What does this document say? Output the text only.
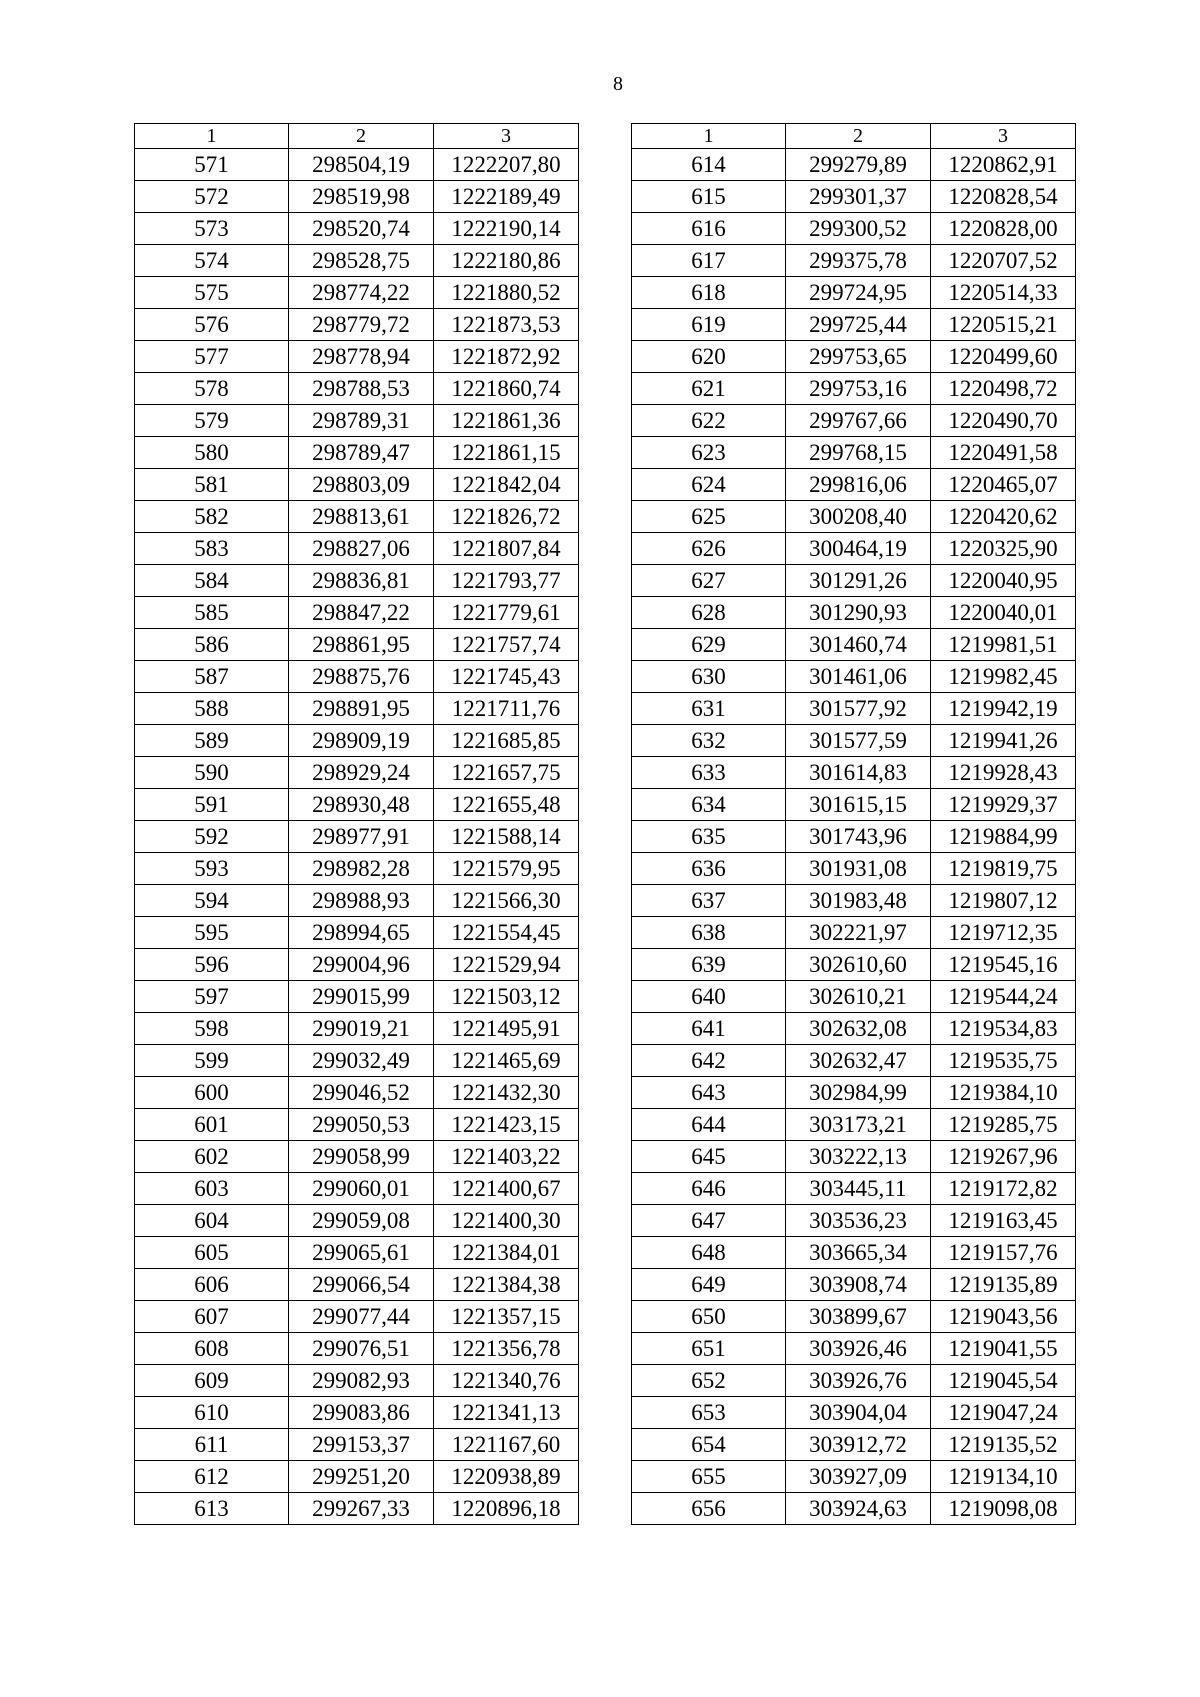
8
1	2	3
571	298504,19	1222207,80
572	298519,98	1222189,49
573	298520,74	1222190,14
574	298528,75	1222180,86
575	298774,22	1221880,52
576	298779,72	1221873,53
577	298778,94	1221872,92
578	298788,53	1221860,74
579	298789,31	1221861,36
580	298789,47	1221861,15
581	298803,09	1221842,04
582	298813,61	1221826,72
583	298827,06	1221807,84
584	298836,81	1221793,77
585	298847,22	1221779,61
586	298861,95	1221757,74
587	298875,76	1221745,43
588	298891,95	1221711,76
589	298909,19	1221685,85
590	298929,24	1221657,75
591	298930,48	1221655,48
592	298977,91	1221588,14
593	298982,28	1221579,95
594	298988,93	1221566,30
595	298994,65	1221554,45
596	299004,96	1221529,94
597	299015,99	1221503,12
598	299019,21	1221495,91
599	299032,49	1221465,69
600	299046,52	1221432,30
601	299050,53	1221423,15
602	299058,99	1221403,22
603	299060,01	1221400,67
604	299059,08	1221400,30
605	299065,61	1221384,01
606	299066,54	1221384,38
607	299077,44	1221357,15
608	299076,51	1221356,78
609	299082,93	1221340,76
610	299083,86	1221341,13
611	299153,37	1221167,60
612	299251,20	1220938,89
613	299267,33	1220896,18
1	2	3
614	299279,89	1220862,91
615	299301,37	1220828,54
616	299300,52	1220828,00
617	299375,78	1220707,52
618	299724,95	1220514,33
619	299725,44	1220515,21
620	299753,65	1220499,60
621	299753,16	1220498,72
622	299767,66	1220490,70
623	299768,15	1220491,58
624	299816,06	1220465,07
625	300208,40	1220420,62
626	300464,19	1220325,90
627	301291,26	1220040,95
628	301290,93	1220040,01
629	301460,74	1219981,51
630	301461,06	1219982,45
631	301577,92	1219942,19
632	301577,59	1219941,26
633	301614,83	1219928,43
634	301615,15	1219929,37
635	301743,96	1219884,99
636	301931,08	1219819,75
637	301983,48	1219807,12
638	302221,97	1219712,35
639	302610,60	1219545,16
640	302610,21	1219544,24
641	302632,08	1219534,83
642	302632,47	1219535,75
643	302984,99	1219384,10
644	303173,21	1219285,75
645	303222,13	1219267,96
646	303445,11	1219172,82
647	303536,23	1219163,45
648	303665,34	1219157,76
649	303908,74	1219135,89
650	303899,67	1219043,56
651	303926,46	1219041,55
652	303926,76	1219045,54
653	303904,04	1219047,24
654	303912,72	1219135,52
655	303927,09	1219134,10
656	303924,63	1219098,08
